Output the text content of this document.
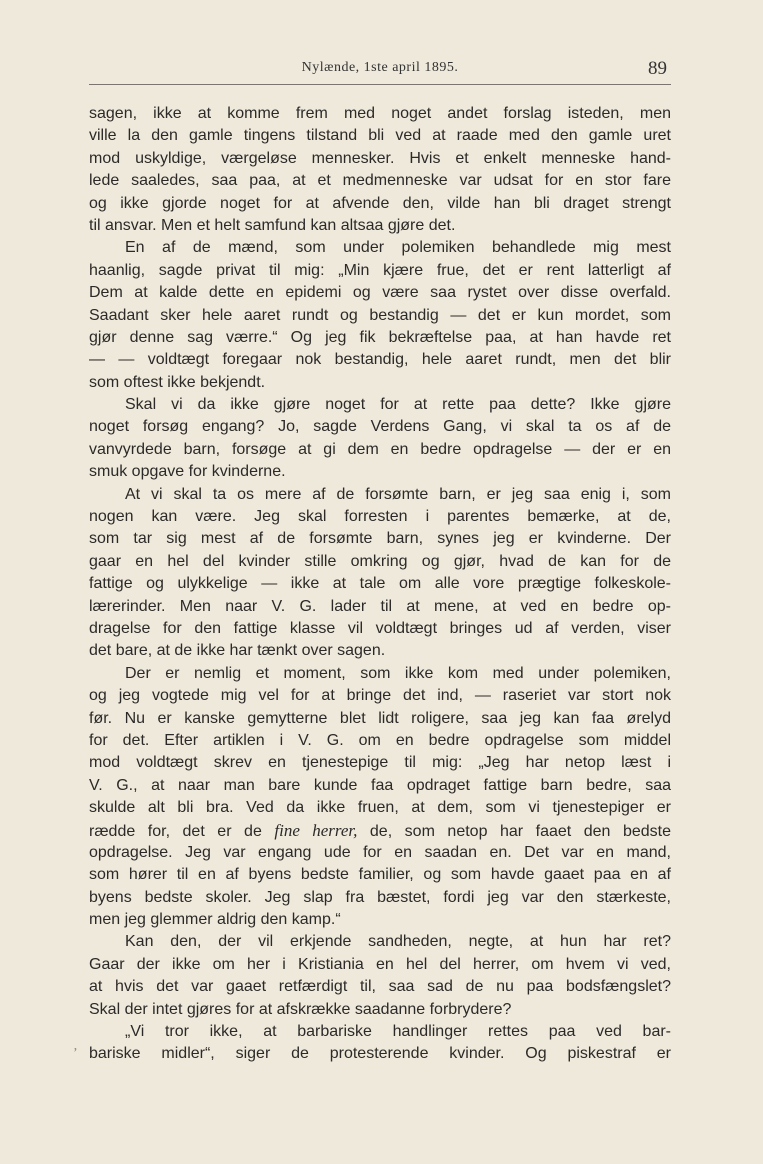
Nylænde, 1ste april 1895.	89
sagen, ikke at komme frem med noget andet forslag isteden, men
ville la den gamle tingens tilstand bli ved at raade med den gamle uret
mod uskyldige, værgeløse mennesker. Hvis et enkelt menneske hand-
lede saaledes, saa paa, at et medmenneske var udsat for en stor fare
og ikke gjorde noget for at afvende den, vilde han bli draget strengt
til ansvar. Men et helt samfund kan altsaa gjøre det.
En af de mænd, som under polemiken behandlede mig mest
haanlig, sagde privat til mig: „Min kjære frue, det er rent latterligt af
Dem at kalde dette en epidemi og være saa rystet over disse overfald.
Saadant sker hele aaret rundt og bestandig — det er kun mordet, som
gjør denne sag værre.“ Og jeg fik bekræftelse paa, at han havde ret
— — voldtægt foregaar nok bestandig, hele aaret rundt, men det blir
som oftest ikke bekjendt.
Skal vi da ikke gjøre noget for at rette paa dette? Ikke gjøre
noget forsøg engang? Jo, sagde Verdens Gang, vi skal ta os af de
vanvyrdede barn, forsøge at gi dem en bedre opdragelse — der er en
smuk opgave for kvinderne.
At vi skal ta os mere af de forsømte barn, er jeg saa enig i, som
nogen kan være. Jeg skal forresten i parentes bemærke, at de,
som tar sig mest af de forsømte barn, synes jeg er kvinderne. Der
gaar en hel del kvinder stille omkring og gjør, hvad de kan for de
fattige og ulykkelige — ikke at tale om alle vore prægtige folkeskole-
lærerinder. Men naar V. G. lader til at mene, at ved en bedre op-
dragelse for den fattige klasse vil voldtægt bringes ud af verden, viser
det bare, at de ikke har tænkt over sagen.
Der er nemlig et moment, som ikke kom med under polemiken,
og jeg vogtede mig vel for at bringe det ind, — raseriet var stort nok
før. Nu er kanske gemytterne blet lidt roligere, saa jeg kan faa ørelyd
for det. Efter artiklen i V. G. om en bedre opdragelse som middel
mod voldtægt skrev en tjenestepige til mig: „Jeg har netop læst i
V. G., at naar man bare kunde faa opdraget fattige barn bedre, saa
skulde alt bli bra. Ved da ikke fruen, at dem, som vi tjenestepiger er
rædde for, det er de fine herrer, de, som netop har faaet den bedste
opdragelse. Jeg var engang ude for en saadan en. Det var en mand,
som hører til en af byens bedste familier, og som havde gaaet paa en af
byens bedste skoler. Jeg slap fra bæstet, fordi jeg var den stærkeste,
men jeg glemmer aldrig den kamp.“
Kan den, der vil erkjende sandheden, negte, at hun har ret?
Gaar der ikke om her i Kristiania en hel del herrer, om hvem vi ved,
at hvis det var gaaet retfærdigt til, saa sad de nu paa bodsfængslet?
Skal der intet gjøres for at afskrække saadanne forbrydere?
„Vi tror ikke, at barbariske handlinger rettes paa ved bar-
bariske midler“, siger de protesterende kvinder. Og piskestraf er
’
